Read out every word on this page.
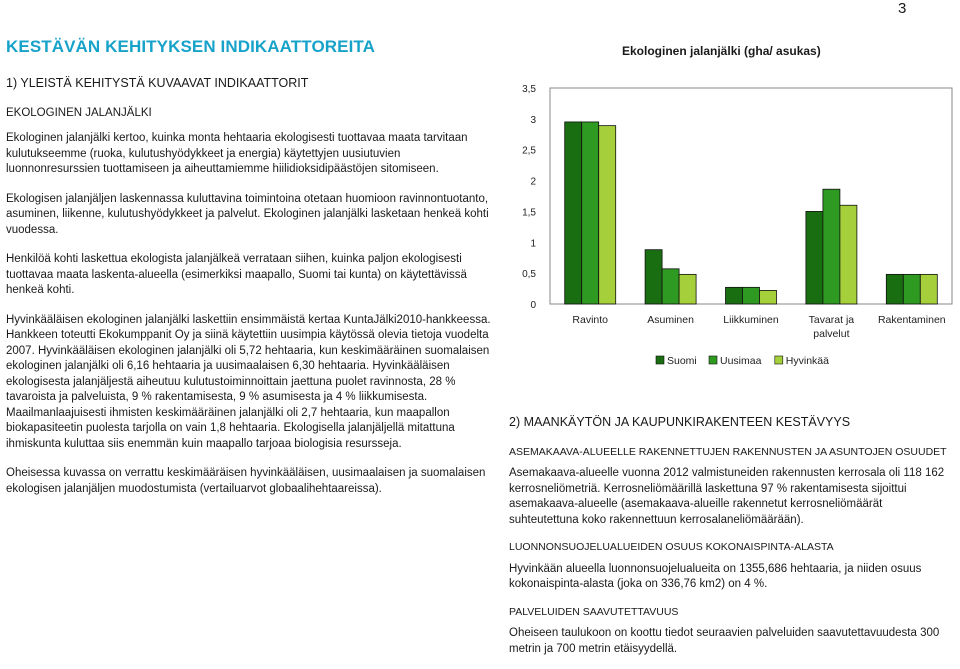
3
KESTÄVÄN KEHITYKSEN INDIKAATTOREITA
1) YLEISTÄ KEHITYSTÄ KUVAAVAT INDIKAATTORIT
EKOLOGINEN JALANJÄLKI

Ekologinen jalanjälki kertoo, kuinka monta hehtaaria ekologisesti tuottavaa maata tarvitaan kulutukseemme (ruoka, kulutushyödykkeet ja energia) käytettyjen uusiutuvien luonnonresurssien tuottamiseen ja aiheuttamiemme hiilidioksidipäästöjen sitomiseen.

Ekologisen jalanjäljen laskennassa kuluttavina toimintoina otetaan huomioon ravinnontuotanto, asuminen, liikenne, kulutushyödykkeet ja palvelut. Ekologinen jalanjälki lasketaan henkeä kohti vuodessa.

Henkilöä kohti laskettua ekologista jalanjälkeä verrataan siihen, kuinka paljon ekologisesti tuottavaa maata laskenta-alueella (esimerkiksi maapallo, Suomi tai kunta) on käytettävissä henkeä kohti.

Hyvinkääläisen ekologinen jalanjälki laskettiin ensimmäistä kertaa KuntaJälki2010-hankkeessa. Hankkeen toteutti Ekokumppanit Oy ja siinä käytettiin uusimpia käytössä olevia tietoja vuodelta 2007. Hyvinkääläisen ekologinen jalanjälki oli 5,72 hehtaaria, kun keskimääräinen suomalaisen ekologinen jalanjälki oli 6,16 hehtaaria ja uusimaalaisen 6,30 hehtaaria. Hyvinkääläisen ekologisesta jalanjäljestä aiheutuu kulutustoiminnoittain jaettuna puolet ravinnosta, 28 % tavaroista ja palveluista, 9 % rakentamisesta, 9 % asumisesta ja 4 % liikkumisesta. Maailmanlaajuisesti ihmisten keskimääräinen jalanjälki oli 2,7 hehtaaria, kun maapallon biokapasiteetin puolesta tarjolla on vain 1,8 hehtaaria. Ekologisella jalanjäljellä mitattuna ihmiskunta kuluttaa siis enemmän kuin maapallo tarjoaa biologisia resursseja.

Oheisessa kuvassa on verrattu keskimääräisen hyvinkääläisen, uusimaalaisen ja suomalaisen ekologisen jalanjäljen muodostumista (vertailuarvot globaalihehtaareissa).

Ekologinen jalanjälki (gha/ asukas)
0
0,5
1
1,5
2
2,5
3
3,5
Ravinto	Asuminen	Liikkuminen	Tavarat ja palvelut
Rakentaminen
Suomi Uusimaa Hyvinkää
2) MAANKÄYTÖN JA KAUPUNKIRAKENTEEN KESTÄVYYS
ASEMAKAAVA-ALUEELLE RAKENNETTUJEN RAKENNUSTEN JA ASUNTOJEN OSUUDET

Asemakaava-alueelle vuonna 2012 valmistuneiden rakennusten kerrosala oli 118 162 kerrosneliömetriä. Kerrosneliömäärillä laskettuna 97 % rakentamisesta sijoittui asemakaava-alueelle (asemakaava-alueille rakennetut kerrosneliömäärät suhteutettuna koko rakennettuun kerrosalaneliömäärään).

LUONNONSUOJELUALUEIDEN OSUUS KOKONAISPINTA-ALASTA

Hyvinkään alueella luonnonsuojelualueita on 1355,686 hehtaaria, ja niiden osuus kokonaispinta-alasta (joka on 336,76 km2) on 4 %.

PALVELUIDEN SAAVUTETTAVUUS

Oheiseen taulukoon on koottu tiedot seuraavien palveluiden saavutettavuudesta 300 metrin ja 700 metrin etäisyydellä.
